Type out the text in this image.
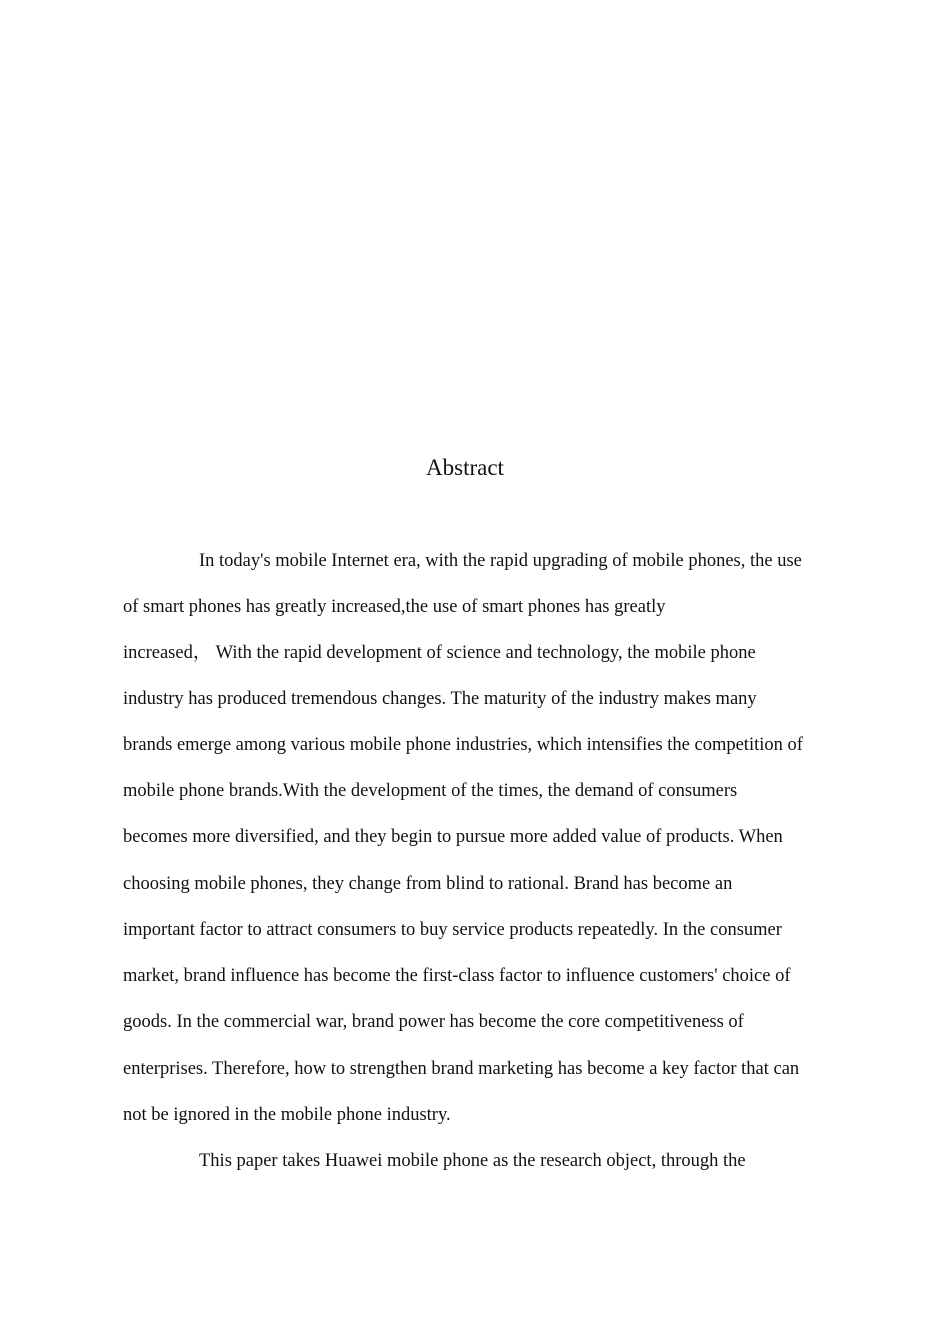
Abstract
In today's mobile Internet era, with the rapid upgrading of mobile phones, the use
of smart phones has greatly increased,the use of smart phones has greatly
increased， With the rapid development of science and technology, the mobile phone
industry has produced tremendous changes. The maturity of the industry makes many
brands emerge among various mobile phone industries, which intensifies the competition of
mobile phone brands.With the development of the times, the demand of consumers
becomes more diversified, and they begin to pursue more added value of products. When
choosing mobile phones, they change from blind to rational. Brand has become an
important factor to attract consumers to buy service products repeatedly. In the consumer
market, brand influence has become the first-class factor to influence customers' choice of
goods. In the commercial war, brand power has become the core competitiveness of
enterprises. Therefore, how to strengthen brand marketing has become a key factor that can
not be ignored in the mobile phone industry.
This paper takes Huawei mobile phone as the research object, through the
